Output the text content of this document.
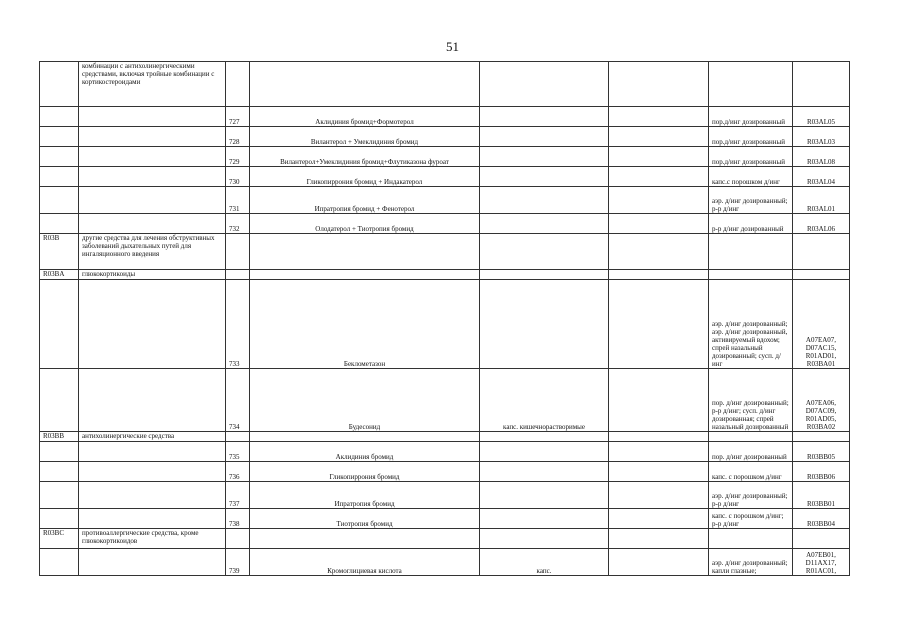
51
	комбинации с антихолинергическими средствами, включая тройные комбинации с кортикостероидами						
		727	Аклидиния бромид+Формотерол			пор.д/инг дозированный	R03AL05
		728	Вилантерол + Умеклидиния бромид			пор.д/инг дозированный	R03AL03
		729	Вилантерол+Умеклидиния бромид+Флутиказона фуроат			пор.д/инг дозированный	R03AL08
		730	Гликопиррония бромид + Индакатерол			капс.с порошком д/инг	R03AL04
		731	Ипратропия бромид + Фенотерол			аэр. д/инг дозированный; р-р д/инг	R03AL01
		732	Олодатерол + Тиотропия бромид			р-р д/инг дозированный	R03AL06
R03B	другие средства для лечения обструктивных заболеваний дыхательных путей для ингаляционного введения						
R03BA	глюкокортикоиды						
		733	Беклометазон			аэр. д/инг дозированный; аэр. д/инг дозированный, активируемый вдохом; спрей назальный дозированный; сусп. д/инг	A07EA07, D07AC15, R01AD01, R03BA01
		734	Будесонид	капс. кишечнорастворимые		пор. д/инг дозированный; р-р д/инг; сусп. д/инг дозированная; спрей назальный дозированный	A07EA06, D07AC09, R01AD05, R03BA02
R03BB	антихолинергические средства						
		735	Аклидиния бромид			пор. д/инг дозированный	R03BB05
		736	Гликопиррония бромид			капс. с порошком д/инг	R03BB06
		737	Ипратропия бромид			аэр. д/инг дозированный; р-р д/инг	R03BB01
		738	Тиотропия бромид			капс. с порошком д/инг; р-р д/инг	R03BB04
R03BC	противоаллергические средства, кроме глюкокортикоидов						
		739	Кромоглициевая кислота	капс.		аэр. д/инг дозированный; капли глазные;	A07EB01, D11AX17, R01AC01,
